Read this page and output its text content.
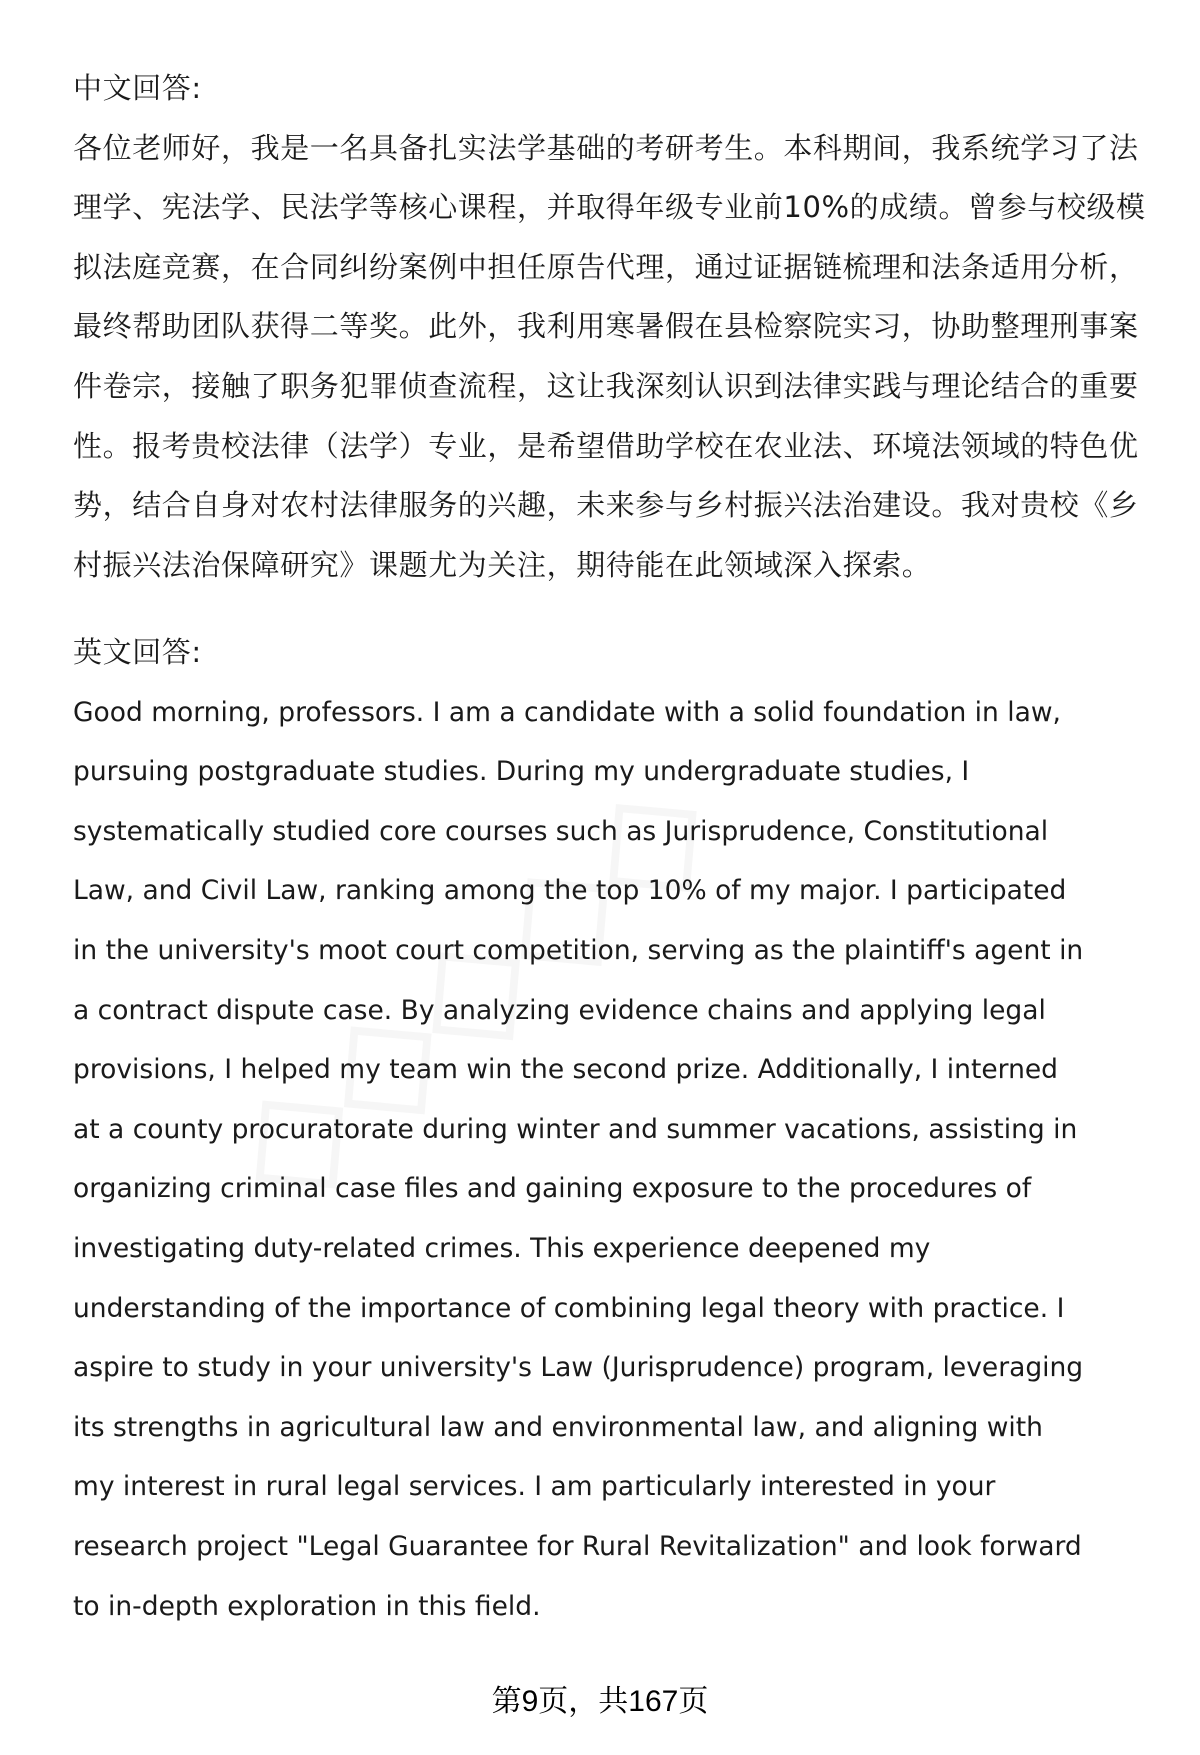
中文回答:
各位老师好，我是一名具备扎实法学基础的考研考生。本科期间，我系统学习了法
理学、宪法学、民法学等核心课程，并取得年级专业前10%的成绩。曾参与校级模
拟法庭竞赛，在合同纠纷案例中担任原告代理，通过证据链梳理和法条适用分析，
最终帮助团队获得二等奖。此外，我利用寒暑假在县检察院实习，协助整理刑事案
件卷宗，接触了职务犯罪侦查流程，这让我深刻认识到法律实践与理论结合的重要
性。报考贵校法律（法学）专业，是希望借助学校在农业法、环境法领域的特色优
势，结合自身对农村法律服务的兴趣，未来参与乡村振兴法治建设。我对贵校《乡
村振兴法治保障研究》课题尤为关注，期待能在此领域深入探索。
英文回答:
Good morning, professors. I am a candidate with a solid foundation in law,
pursuing postgraduate studies. During my undergraduate studies, I
systematically studied core courses such as Jurisprudence, Constitutional
Law, and Civil Law, ranking among the top 10% of my major. I participated
in the university's moot court competition, serving as the plaintiff's agent in
a contract dispute case. By analyzing evidence chains and applying legal
provisions, I helped my team win the second prize. Additionally, I interned
at a county procuratorate during winter and summer vacations, assisting in
organizing criminal case files and gaining exposure to the procedures of
investigating duty-related crimes. This experience deepened my
understanding of the importance of combining legal theory with practice. I
aspire to study in your university's Law (Jurisprudence) program, leveraging
its strengths in agricultural law and environmental law, and aligning with
my interest in rural legal services. I am particularly interested in your
research project "Legal Guarantee for Rural Revitalization" and look forward
to in-depth exploration in this field.
第9页，共167页
